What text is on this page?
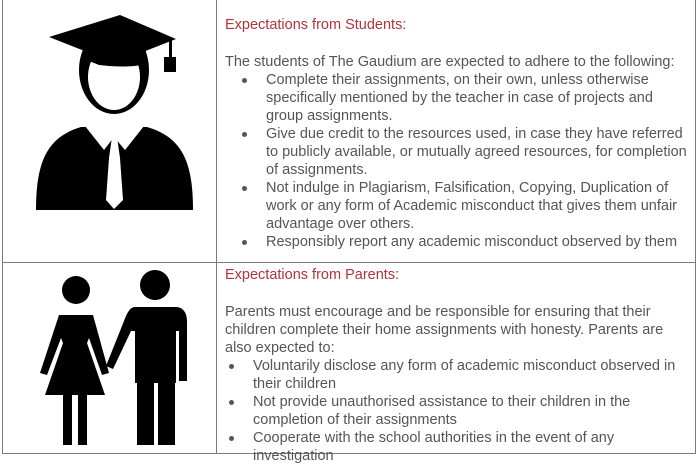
Expectations from Students:

The students of The Gaudium are expected to adhere to the following:

Complete their assignments, on their own, unless otherwise specifically mentioned by the teacher in case of projects and group assignments.
Give due credit to the resources used, in case they have referred to publicly available, or mutually agreed resources, for completion of assignments.
Not indulge in Plagiarism, Falsification, Copying, Duplication of work or any form of Academic misconduct that gives them unfair advantage over others.
Responsibly report any academic misconduct observed by them
Expectations from Parents:

Parents must encourage and be responsible for ensuring that their children complete their home assignments with honesty. Parents are also expected to:

Voluntarily disclose any form of academic misconduct observed in their children
Not provide unauthorised assistance to their children in the completion of their assignments
Cooperate with the school authorities in the event of any investigation
